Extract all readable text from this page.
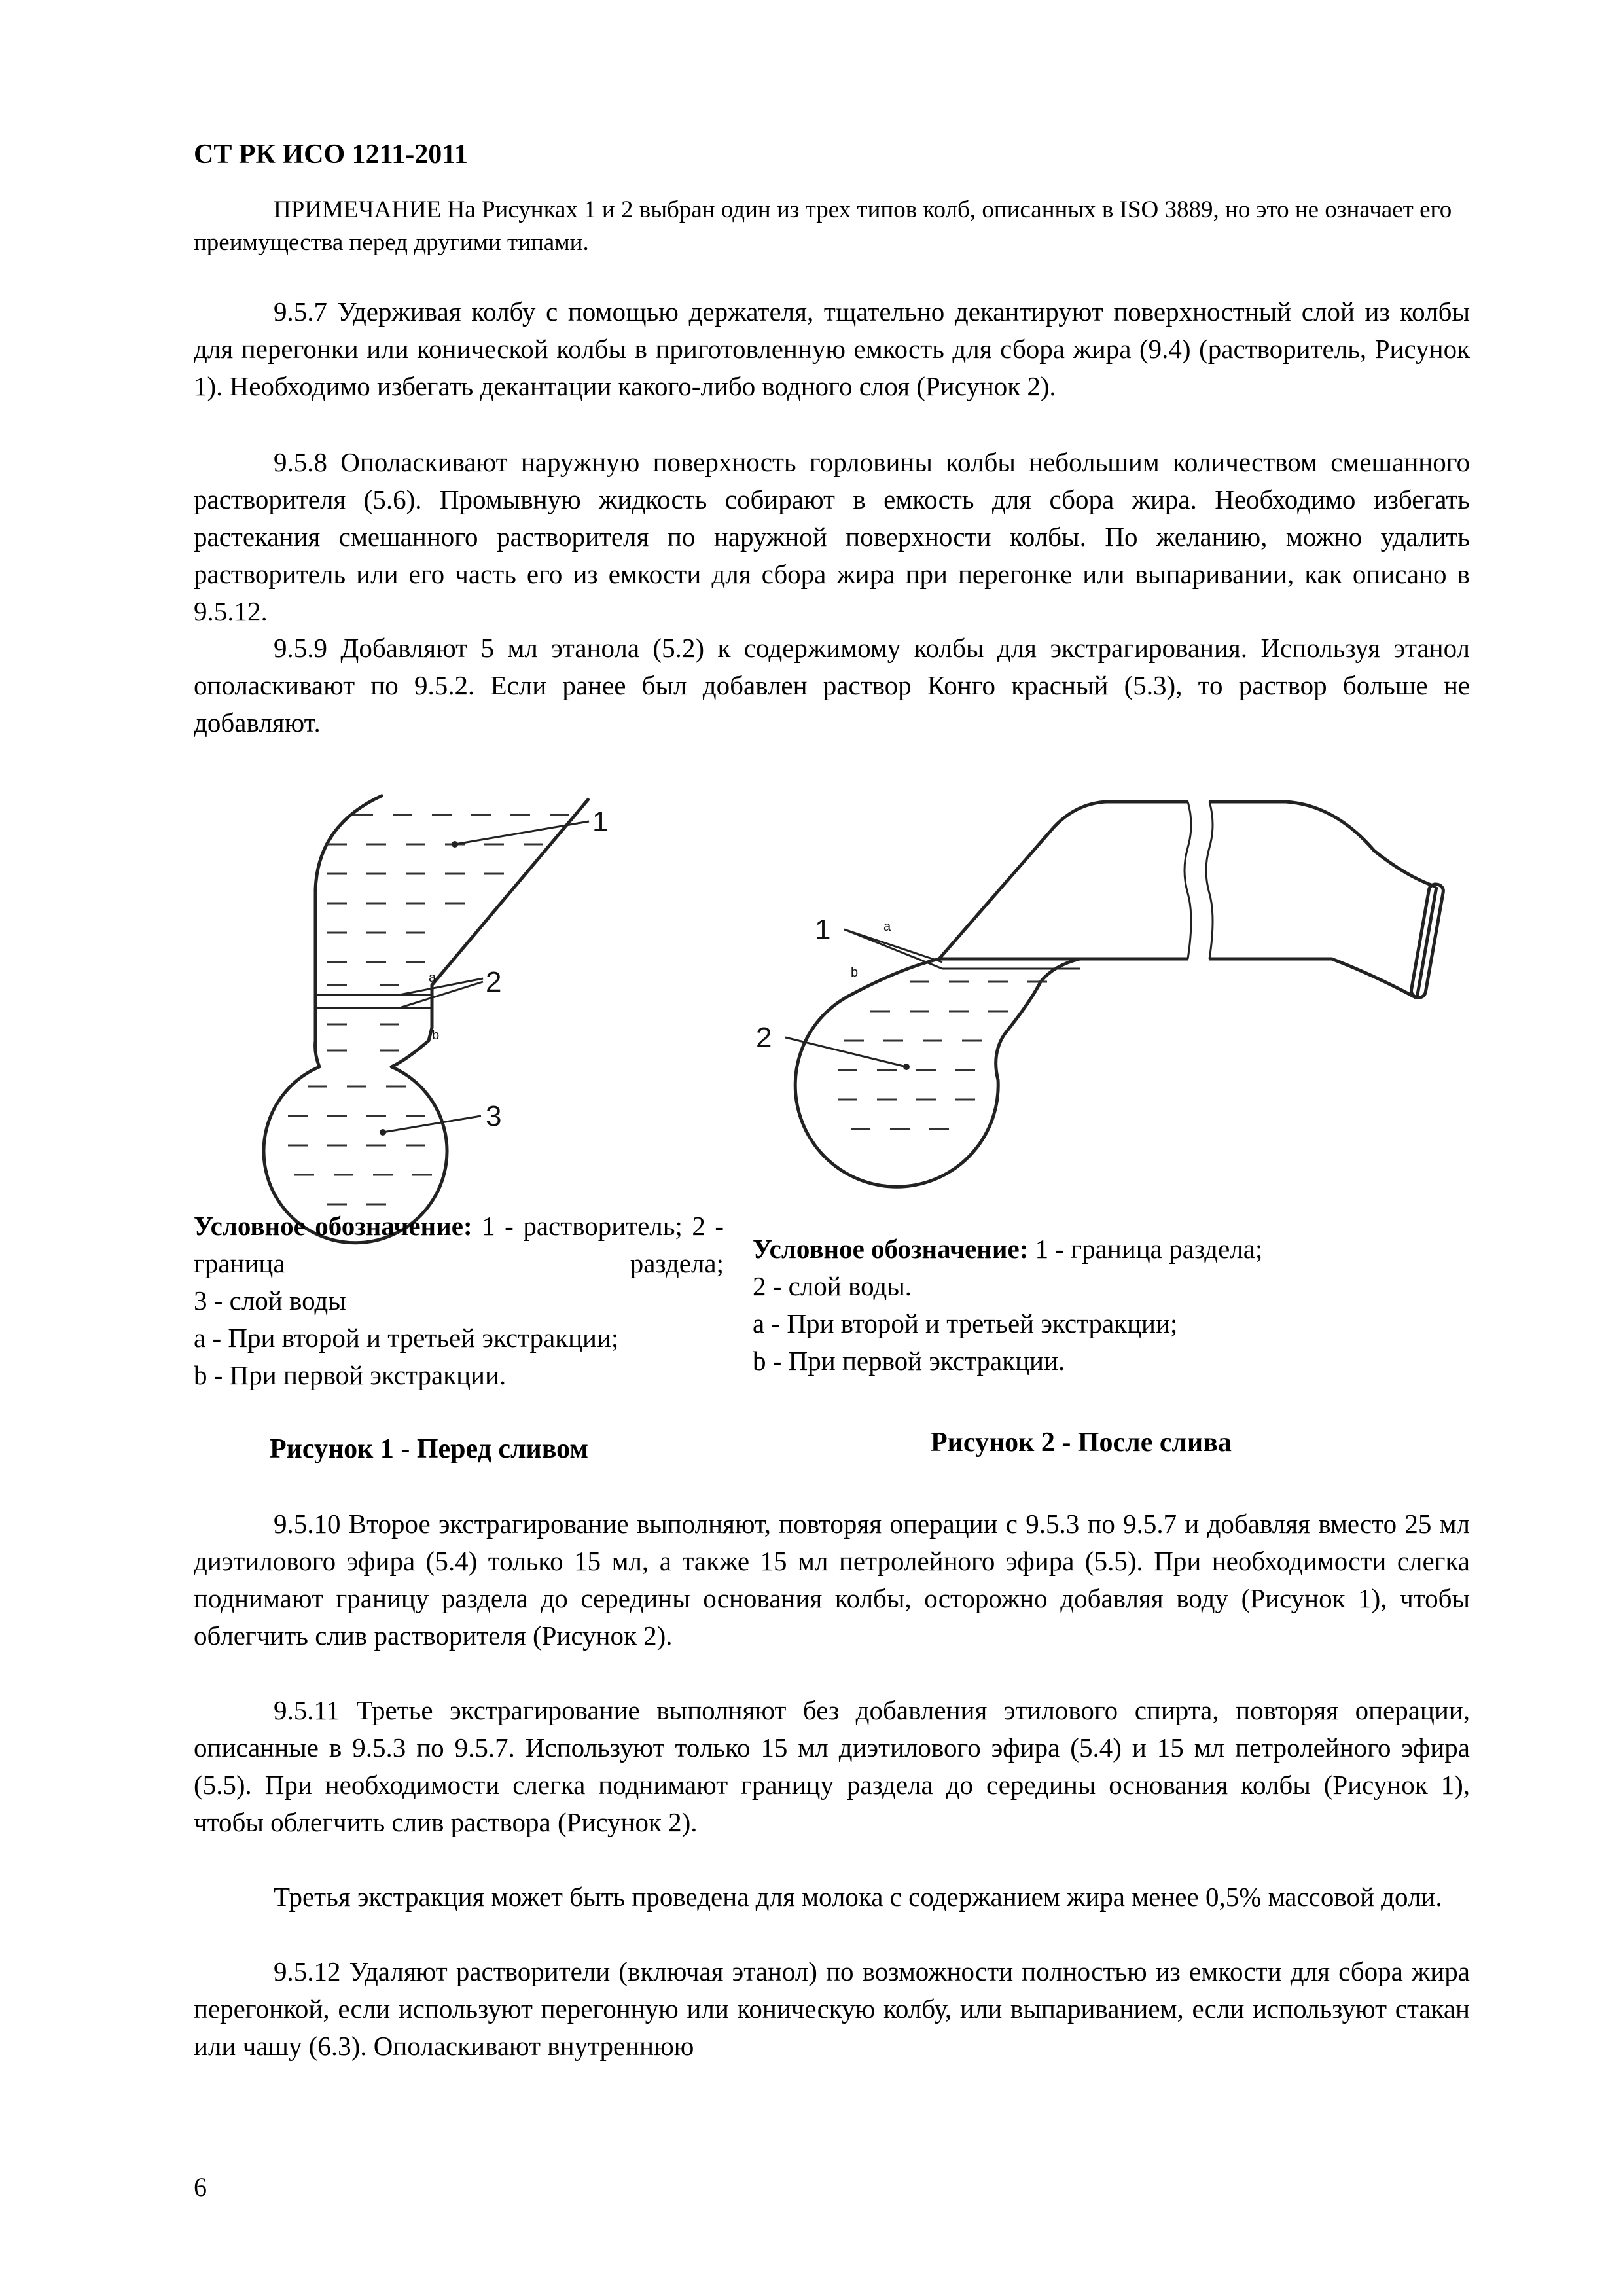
СТ РК ИСО 1211-2011
ПРИМЕЧАНИЕ На Рисунках 1 и 2 выбран один из трех типов колб, описанных в ISO 3889, но это не означает его преимущества перед другими типами.
9.5.7 Удерживая колбу с помощью держателя, тщательно декантируют поверхностный слой из колбы для перегонки или конической колбы в приготовленную емкость для сбора жира (9.4) (растворитель, Рисунок 1). Необходимо избегать декантации какого-либо водного слоя (Рисунок 2).
9.5.8 Ополаскивают наружную поверхность горловины колбы небольшим количеством смешанного растворителя (5.6). Промывную жидкость собирают в емкость для сбора жира. Необходимо избегать растекания смешанного растворителя по наружной поверхности колбы. По желанию, можно удалить растворитель или его часть его из емкости для сбора жира при перегонке или выпаривании, как описано в 9.5.12.
9.5.9 Добавляют 5 мл этанола (5.2) к содержимому колбы для экстрагирования. Используя этанол ополаскивают по 9.5.2. Если ранее был добавлен раствор Конго красный (5.3), то раствор больше не добавляют.
1
2
3
a
b
1
2
a
b
Условное обозначение: 1 - растворитель; 2 - граница раздела;
3 - слой воды
а - При второй и третьей экстракции;
b - При первой экстракции.
Условное обозначение: 1 - граница раздела;
2 - слой воды.
а - При второй и третьей экстракции;
b - При первой экстракции.
Рисунок 1 - Перед сливом	Рисунок 2 - После слива
9.5.10 Второе экстрагирование выполняют, повторяя операции с 9.5.3 по 9.5.7 и добавляя вместо 25 мл диэтилового эфира (5.4) только 15 мл, а также 15 мл петролейного эфира (5.5). При необходимости слегка поднимают границу раздела до середины основания колбы, осторожно добавляя воду (Рисунок 1), чтобы облегчить слив растворителя (Рисунок 2).
9.5.11 Третье экстрагирование выполняют без добавления этилового спирта, повторяя операции, описанные в 9.5.3 по 9.5.7. Используют только 15 мл диэтилового эфира (5.4) и 15 мл петролейного эфира (5.5). При необходимости слегка поднимают границу раздела до середины основания колбы (Рисунок 1), чтобы облегчить слив раствора (Рисунок 2).
Третья экстракция может быть проведена для молока с содержанием жира менее 0,5% массовой доли.
9.5.12 Удаляют растворители (включая этанол) по возможности полностью из емкости для сбора жира перегонкой, если используют перегонную или коническую колбу, или выпариванием, если используют стакан или чашу (6.3). Ополаскивают внутреннюю
6
